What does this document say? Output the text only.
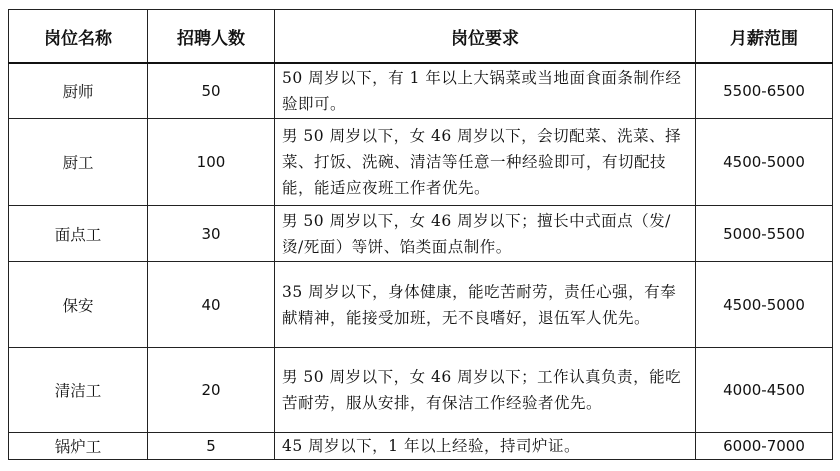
岗位名称	招聘人数	岗位要求	月薪范围
厨师	50	50 周岁以下，有 1 年以上大锅菜或当地面食面条制作经验即可。	5500-6500
厨工	100	男 50 周岁以下，女 46 周岁以下，会切配菜、洗菜、择菜、打饭、洗碗、清洁等任意一种经验即可，有切配技能，能适应夜班工作者优先。	4500-5000
面点工	30	男 50 周岁以下，女 46 周岁以下；擅长中式面点（发/烫/死面）等饼、馅类面点制作。	5000-5500
保安	40	35 周岁以下，身体健康，能吃苦耐劳，责任心强，有奉献精神，能接受加班，无不良嗜好，退伍军人优先。	4500-5000
清洁工	20	男 50 周岁以下，女 46 周岁以下；工作认真负责，能吃苦耐劳，服从安排，有保洁工作经验者优先。	4000-4500
锅炉工	5	45 周岁以下，1 年以上经验，持司炉证。	6000-7000
